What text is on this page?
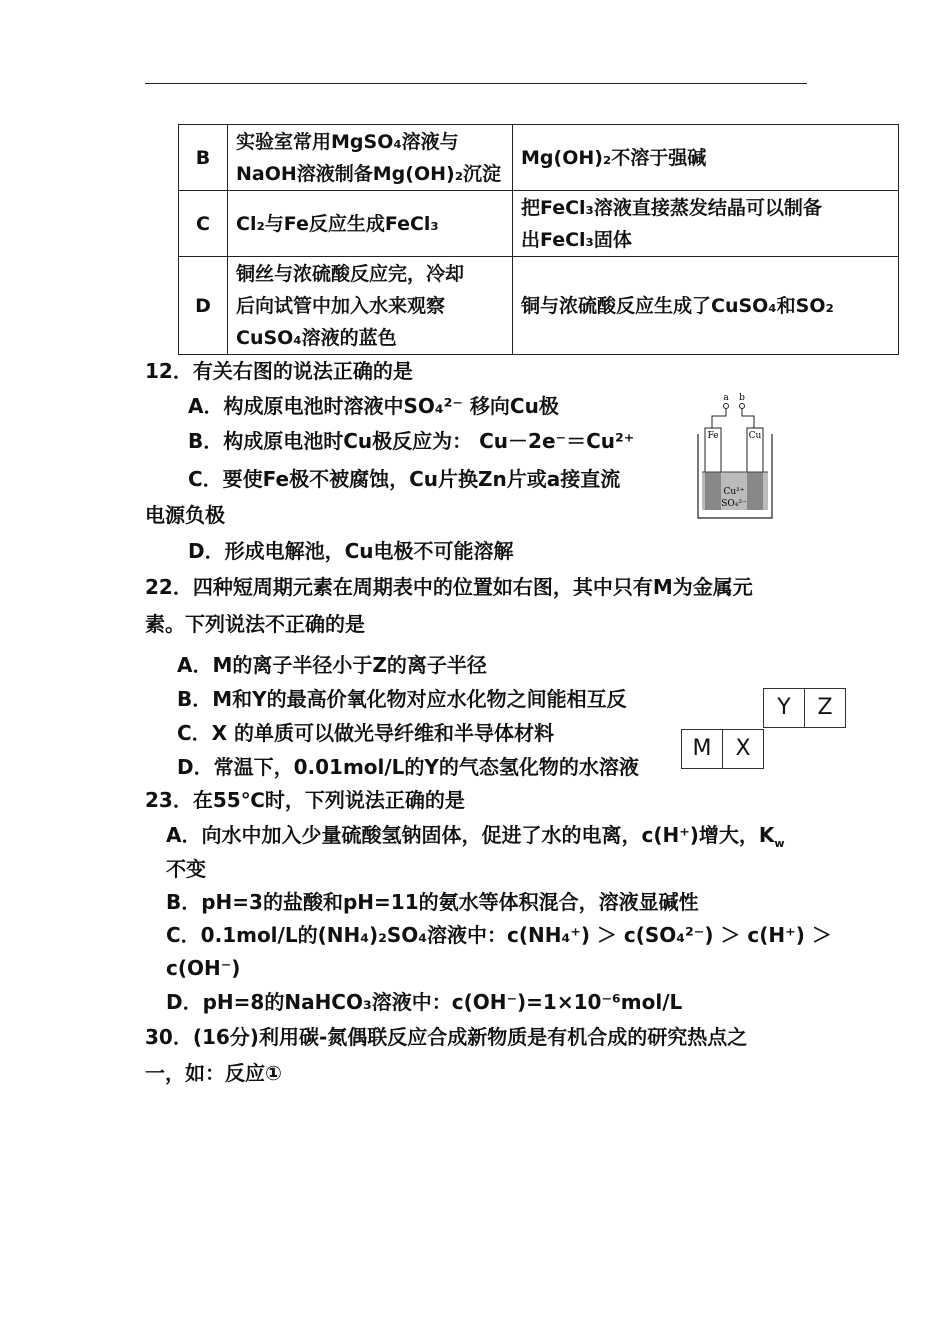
B	实验室常用MgSO₄溶液与
NaOH溶液制备Mg(OH)₂沉淀	Mg(OH)₂不溶于强碱

C	Cl₂与Fe反应生成FeCl₃	把FeCl₃溶液直接蒸发结晶可以制备
出FeCl₃固体

D	铜丝与浓硫酸反应完，冷却
后向试管中加入水来观察
CuSO₄溶液的蓝色	铜与浓硫酸反应生成了CuSO₄和SO₂
12．有关右图的说法正确的是
A．构成原电池时溶液中SO₄²⁻ 移向Cu极
B．构成原电池时Cu极反应为： Cu－2e⁻＝Cu²⁺
C．要使Fe极不被腐蚀，Cu片换Zn片或a接直流
电源负极
D．形成电解池，Cu电极不可能溶解
a b
Fe	Cu
Cu²⁺
SO₄²⁻
22．四种短周期元素在周期表中的位置如右图，其中只有M为金属元
素。下列说法不正确的是
A．M的离子半径小于Z的离子半径
B．M和Y的最高价氧化物对应水化物之间能相互反
C．X 的单质可以做光导纤维和半导体材料
D．常温下，0.01mol/L的Y的气态氢化物的水溶液
Y	Z
M	X
23．在55℃时，下列说法正确的是
A．向水中加入少量硫酸氢钠固体，促进了水的电离，c(H⁺)增大，$K_w$
不变
B．pH=3的盐酸和pH=11的氨水等体积混合，溶液显碱性
C．0.1mol/L的(NH₄)₂SO₄溶液中：c(NH₄⁺) ＞ c(SO₄²⁻) ＞ c(H⁺) ＞
c(OH⁻)
D．pH=8的NaHCO₃溶液中：c(OH⁻)=1×10⁻⁶mol/L
30．(16分)利用碳-氮偶联反应合成新物质是有机合成的研究热点之
一，如：反应①
